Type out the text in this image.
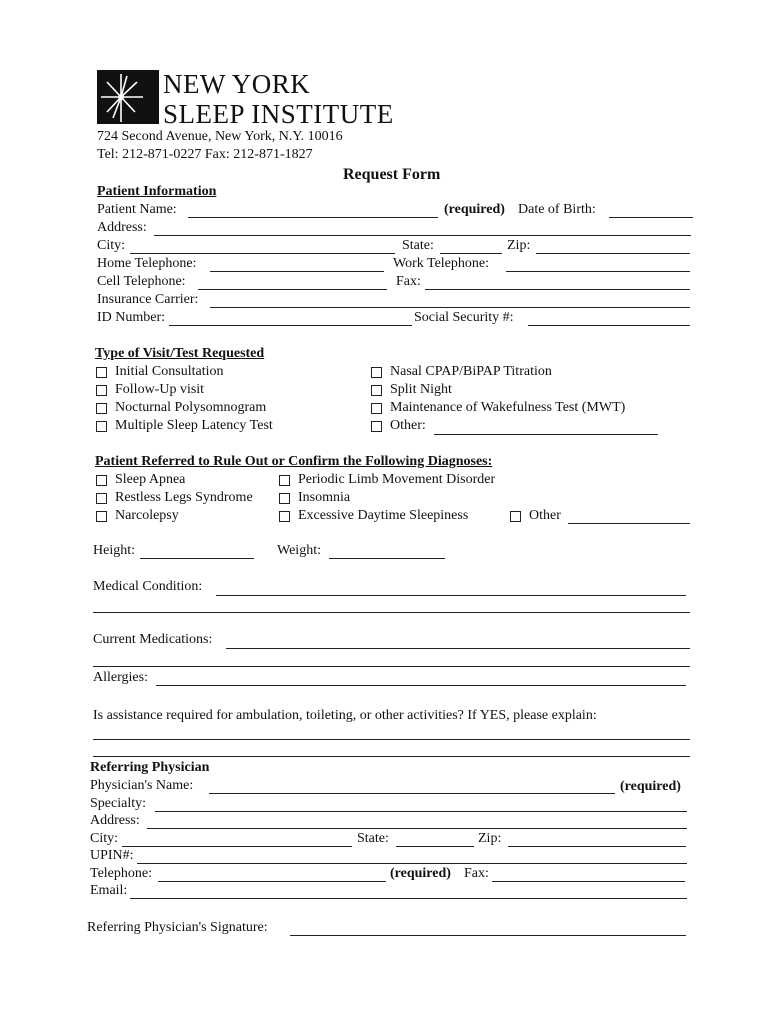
NEW YORK
SLEEP INSTITUTE
724 Second Avenue, New York, N.Y. 10016
Tel: 212-871-0227 Fax: 212-871-1827
Request Form
Patient Information
Patient Name:	(required) Date of Birth:
Address:
City:	State:	Zip:
Home Telephone:	Work Telephone:
Cell Telephone:	Fax:
Insurance Carrier:
ID Number:	Social Security #:
Type of Visit/Test Requested
Initial Consultation
Follow-Up visit
Nocturnal Polysomnogram
Multiple Sleep Latency Test
Nasal CPAP/BiPAP Titration
Split Night
Maintenance of Wakefulness Test (MWT)
Other:
Patient Referred to Rule Out or Confirm the Following Diagnoses:
Sleep Apnea
Restless Legs Syndrome
Narcolepsy
Periodic Limb Movement Disorder
Insomnia
Excessive Daytime Sleepiness	Other
Height:	Weight:
Medical Condition:
Current Medications:
Allergies:
Is assistance required for ambulation, toileting, or other activities? If YES, please explain:
Referring Physician
Physician's Name:	(required)
Specialty:
Address:
City:	State:	Zip:
UPIN#:
Telephone:	(required) Fax:
Email:
Referring Physician's Signature:
